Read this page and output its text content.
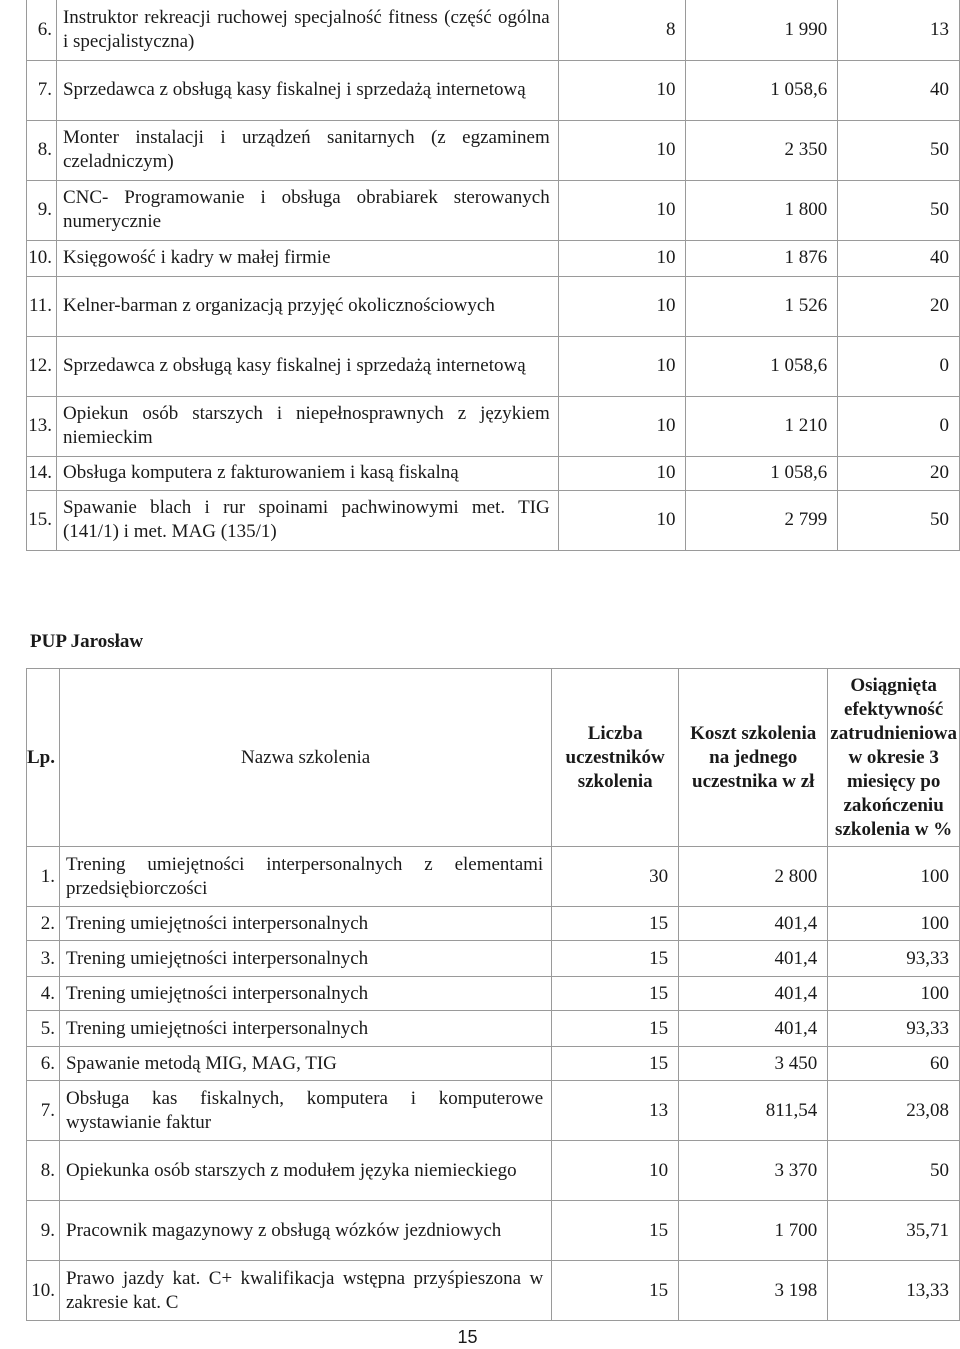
6.	Instruktor rekreacji ruchowej specjalność fitness (część ogólna i specjalistyczna)	8	1 990	13
7.	Sprzedawca z obsługą kasy fiskalnej i sprzedażą internetową	10	1 058,6	40
8.	Monter instalacji i urządzeń sanitarnych (z egzaminem czeladniczym)	10	2 350	50
9.	CNC- Programowanie i obsługa obrabiarek sterowanych numerycznie	10	1 800	50
10.	Księgowość i kadry w małej firmie	10	1 876	40
11.	Kelner-barman z organizacją przyjęć okolicznościowych	10	1 526	20
12.	Sprzedawca z obsługą kasy fiskalnej i sprzedażą internetową	10	1 058,6	0
13.	Opiekun osób starszych i niepełnosprawnych z językiem niemieckim	10	1 210	0
14.	Obsługa komputera z fakturowaniem i kasą fiskalną	10	1 058,6	20
15.	Spawanie blach i rur spoinami pachwinowymi met. TIG (141/1) i met. MAG (135/1)	10	2 799	50
PUP Jarosław
Lp.	Nazwa szkolenia	Liczba uczestników szkolenia	Koszt szkolenia na jednego uczestnika w zł	Osiągnięta efektywność zatrudnieniowa w okresie 3 miesięcy po zakończeniu szkolenia w %
1.	Trening umiejętności interpersonalnych z elementami przedsiębiorczości	30	2 800	100
2.	Trening umiejętności interpersonalnych	15	401,4	100
3.	Trening umiejętności interpersonalnych	15	401,4	93,33
4.	Trening umiejętności interpersonalnych	15	401,4	100
5.	Trening umiejętności interpersonalnych	15	401,4	93,33
6.	Spawanie metodą MIG, MAG, TIG	15	3 450	60
7.	Obsługa kas fiskalnych, komputera i komputerowe wystawianie faktur	13	811,54	23,08
8.	Opiekunka osób starszych z modułem języka niemieckiego	10	3 370	50
9.	Pracownik magazynowy z obsługą wózków jezdniowych	15	1 700	35,71
10.	Prawo jazdy kat. C+ kwalifikacja wstępna przyśpieszona w zakresie kat. C	15	3 198	13,33
15
